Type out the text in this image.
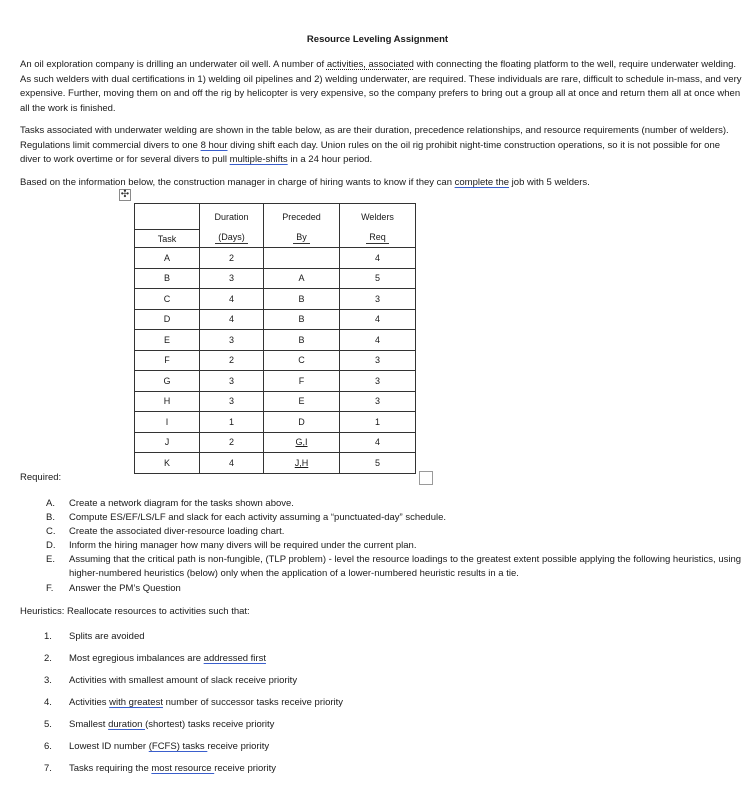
Resource Leveling Assignment
An oil exploration company is drilling an underwater oil well. A number of activities, associated with connecting the floating platform to the well, require underwater welding. As such welders with dual certifications in 1) welding oil pipelines and 2) welding underwater, are required. These individuals are rare, difficult to schedule in-mass, and very expensive. Further, moving them on and off the rig by helicopter is very expensive, so the company prefers to bring out a group all at once and return them all at once when all the work is finished.
Tasks associated with underwater welding are shown in the table below, as are their duration, precedence relationships, and resource requirements (number of welders). Regulations limit commercial divers to one 8 hour diving shift each day. Union rules on the oil rig prohibit night-time construction operations, so it is not possible for one diver to work overtime or for several divers to pull multiple-shifts in a 24 hour period.
Based on the information below, the construction manager in charge of hiring wants to know if they can complete the job with 5 welders.
✣
	Duration	Preceded	Welders
Task	(Days)	By	Req
A	2		4
B	3	A	5
C	4	B	3
D	4	B	4
E	3	B	4
F	2	C	3
G	3	F	3
H	3	E	3
I	1	D	1
J	2	G,I	4
K	4	J,H	5
Required:
A.	Create a network diagram for the tasks shown above.
B.	Compute ES/EF/LS/LF and slack for each activity assuming a “punctuated-day” schedule.
C.	Create the associated diver-resource loading chart.
D.	Inform the hiring manager how many divers will be required under the current plan.
E.	Assuming that the critical path is non-fungible, (TLP problem) - level the resource loadings to the greatest extent possible applying the following heuristics, using higher-numbered heuristics (below) only when the application of a lower-numbered heuristic results in a tie.
F.	Answer the PM’s Question
Heuristics: Reallocate resources to activities such that:
1.	Splits are avoided
2.	Most egregious imbalances are addressed first
3.	Activities with smallest amount of slack receive priority
4.	Activities with greatest number of successor tasks receive priority
5.	Smallest duration (shortest) tasks receive priority
6.	Lowest ID number (FCFS) tasks receive priority
7.	Tasks requiring the most resource receive priority
